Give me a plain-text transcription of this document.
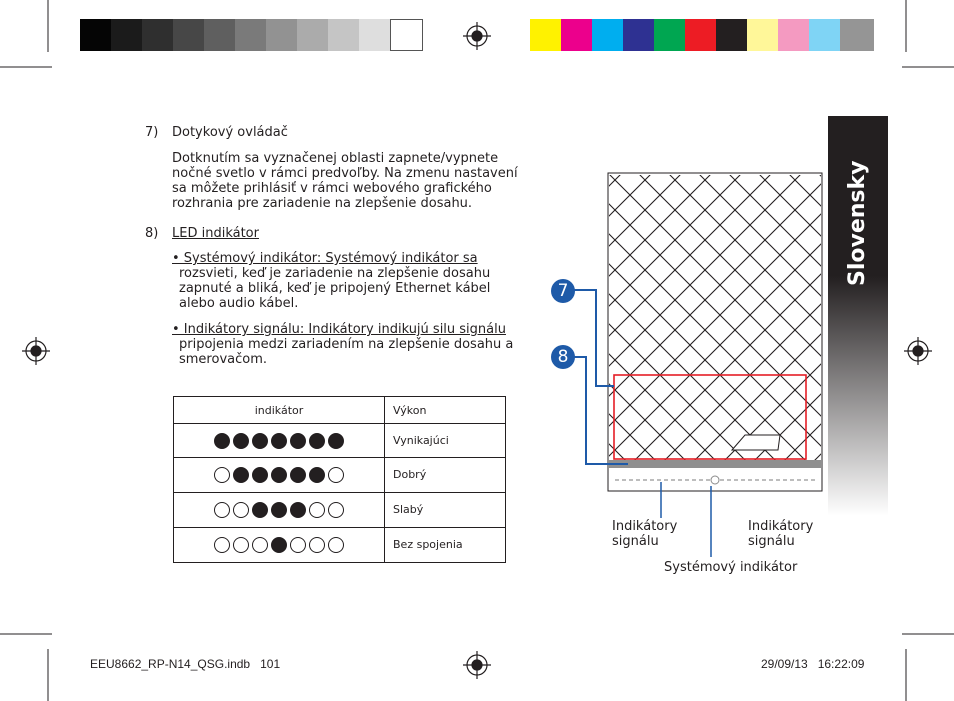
7) Dotykový ovládač
Dotknutím sa vyznačenej oblasti zapnete/vypnete
nočné svetlo v rámci predvoľby. Na zmenu nastavení
sa môžete prihlásiť v rámci webového grafického
rozhrania pre zariadenie na zlepšenie dosahu.
8) LED indikátor
• Systémový indikátor: Systémový indikátor sa
rozsvieti, keď je zariadenie na zlepšenie dosahu
zapnuté a bliká, keď je pripojený Ethernet kábel
alebo audio kábel.
• Indikátory signálu: Indikátory indikujú silu signálu
pripojenia medzi zariadením na zlepšenie dosahu a
smerovačom.
indikátor	Výkon

	Vynikajúci

	Dobrý

	Slabý

	Bez spojenia
Slovensky
7
8
Indikátory
signálu
Indikátory
signálu
Systémový indikátor
EEU8662_RP-N14_QSG.indb   101	29/09/13   16:22:09
